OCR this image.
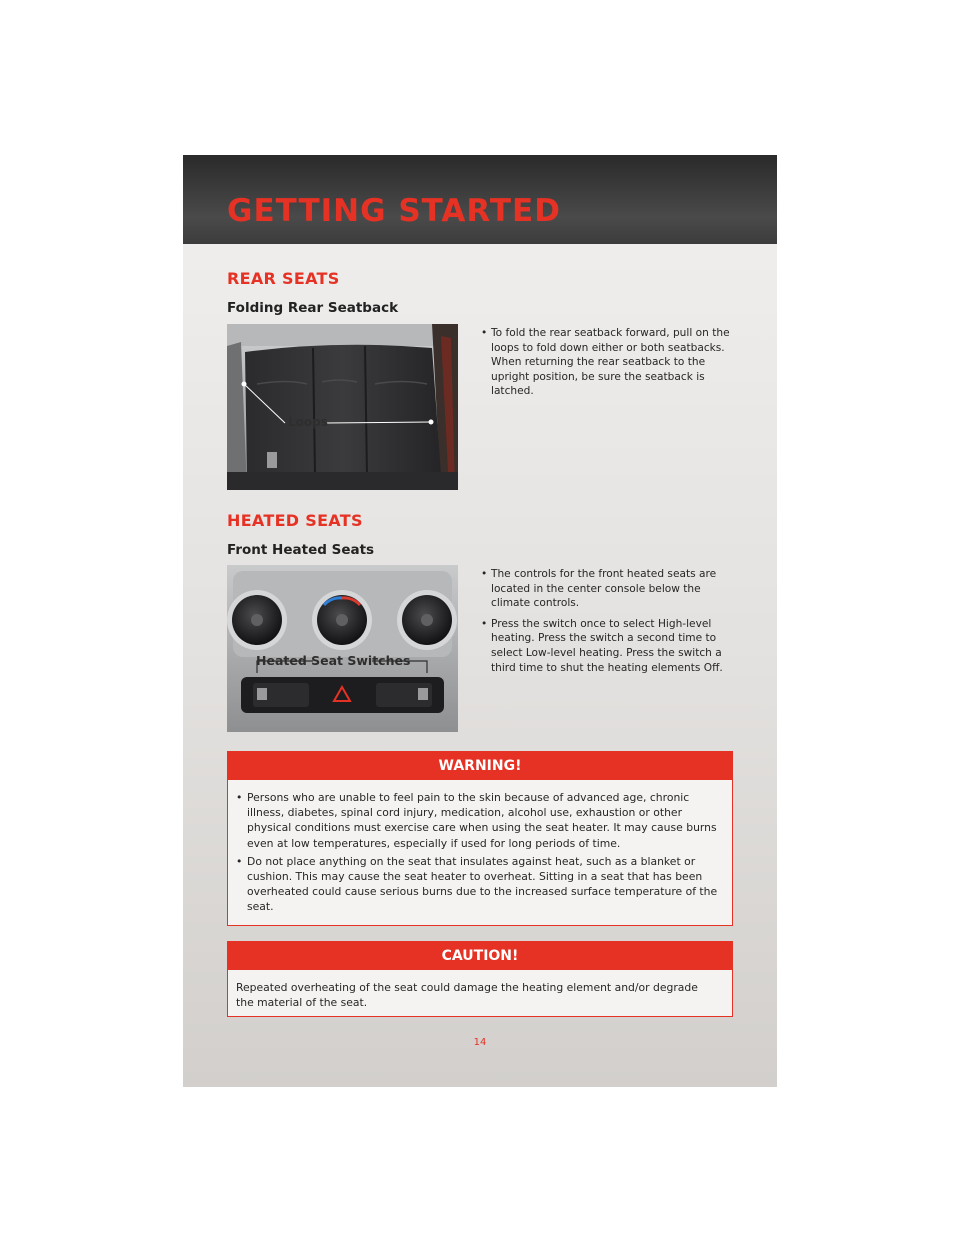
GETTING STARTED
REAR SEATS
Folding Rear Seatback
Loops
• To fold the rear seatback forward, pull on the loops to fold down either or both seatbacks. When returning the rear seatback to the upright position, be sure the seatback is latched.
HEATED SEATS
Front Heated Seats
Heated Seat Switches
• The controls for the front heated seats are located in the center console below the climate controls.
• Press the switch once to select High-level heating. Press the switch a second time to select Low-level heating. Press the switch a third time to shut the heating elements Off.
WARNING!
• Persons who are unable to feel pain to the skin because of advanced age, chronic illness, diabetes, spinal cord injury, medication, alcohol use, exhaustion or other physical conditions must exercise care when using the seat heater. It may cause burns even at low temperatures, especially if used for long periods of time.
• Do not place anything on the seat that insulates against heat, such as a blanket or cushion. This may cause the seat heater to overheat. Sitting in a seat that has been overheated could cause serious burns due to the increased surface temperature of the seat.
CAUTION!

Repeated overheating of the seat could damage the heating element and/or degrade the material of the seat.

14
